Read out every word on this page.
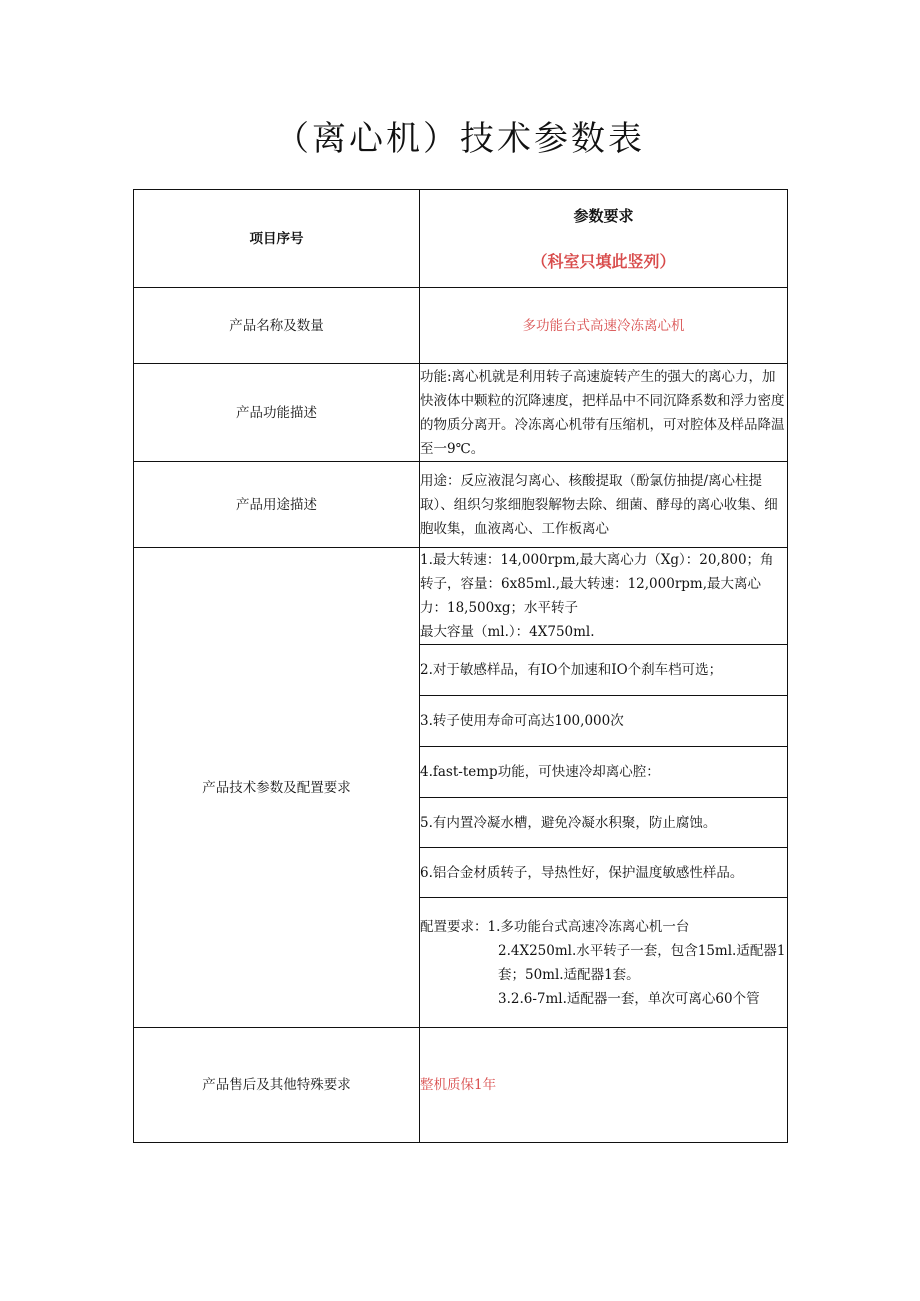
（离心机）技术参数表
项目序号	参数要求
（科室只填此竖列）

产品名称及数量	多功能台式高速冷冻离心机
产品功能描述	功能:离心机就是利用转子高速旋转产生的强大的离心力，加快液体中颗粒的沉降速度，把样品中不同沉降系数和浮力密度的物质分离开。冷冻离心机带有压缩机，可对腔体及样品降温至一9℃。
产品用途描述	用途：反应液混匀离心、核酸提取（酚氯仿抽提/离心柱提取）、组织匀浆细胞裂解物去除、细菌、酵母的离心收集、细胞收集，血液离心、工作板离心
产品技术参数及配置要求	1.最大转速：14,000rpm,最大离心力（Xg）：20,800；角转子，容量：6x85ml.,最大转速：12,000rpm,最大离心力：18,500xg；水平转子
最大容量（ml.）：4X750ml.

	2.对于敏感样品，有IO个加速和IO个刹车档可选；
	3.转子使用寿命可高达100,000次
	4.fast-temp功能，可快速冷却离心腔：
	5.有内置冷凝水槽，避免冷凝水积聚，防止腐蚀。
	6.铝合金材质转子，导热性好，保护温度敏感性样品。

	配置要求：1.多功能台式高速冷冻离心机一台
2.4X250ml.水平转子一套，包含15ml.适配器1套；50ml.适配器1套。
3.2.6-7ml.适配器一套，单次可离心60个管

产品售后及其他特殊要求	整机质保1年
